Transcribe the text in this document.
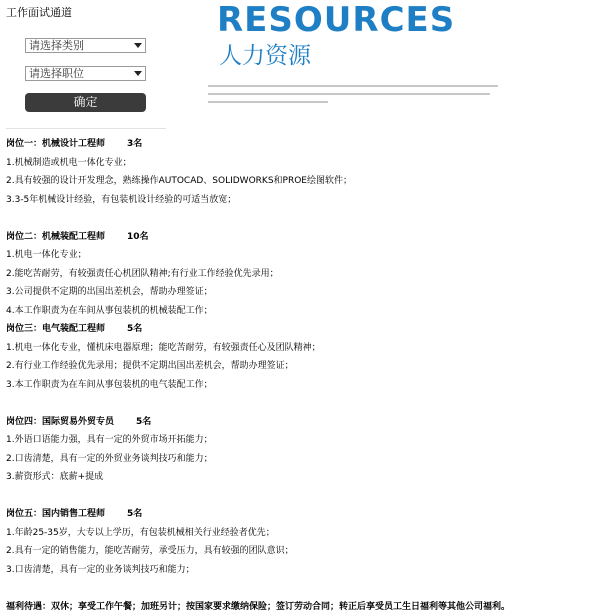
工作面试通道
请选择类别
请选择职位
确定
RESOURCES
人力资源

岗位一：机械设计工程师 3名

1.机械制造或机电一体化专业；

2.具有较强的设计开发理念，熟练操作AUTOCAD、SOLIDWORKS和PROE绘图软件；

3.3-5年机械设计经验，有包装机设计经验的可适当放宽；

岗位二：机械装配工程师 10名

1.机电一体化专业；

2.能吃苦耐劳，有较强责任心机团队精神;有行业工作经验优先录用；

3.公司提供不定期的出国出差机会，帮助办理签证；

4.本工作职责为在车间从事包装机的机械装配工作；

岗位三：电气装配工程师 5名

1.机电一体化专业，懂机床电器原理；能吃苦耐劳，有较强责任心及团队精神；

2.有行业工作经验优先录用；提供不定期出国出差机会，帮助办理签证；

3.本工作职责为在车间从事包装机的电气装配工作；

岗位四：国际贸易外贸专员 5名

1.外语口语能力强，具有一定的外贸市场开拓能力；

2.口齿清楚，具有一定的外贸业务谈判技巧和能力；

3.薪资形式：底薪+提成

岗位五：国内销售工程师 5名

1.年龄25-35岁，大专以上学历，有包装机械相关行业经验者优先；

2.具有一定的销售能力，能吃苦耐劳，承受压力，具有较强的团队意识；

3.口齿清楚，具有一定的业务谈判技巧和能力；

福利待遇：双休；享受工作午餐；加班另计；按国家要求缴纳保险；签订劳动合同；转正后享受员工生日福利等其他公司福利。
